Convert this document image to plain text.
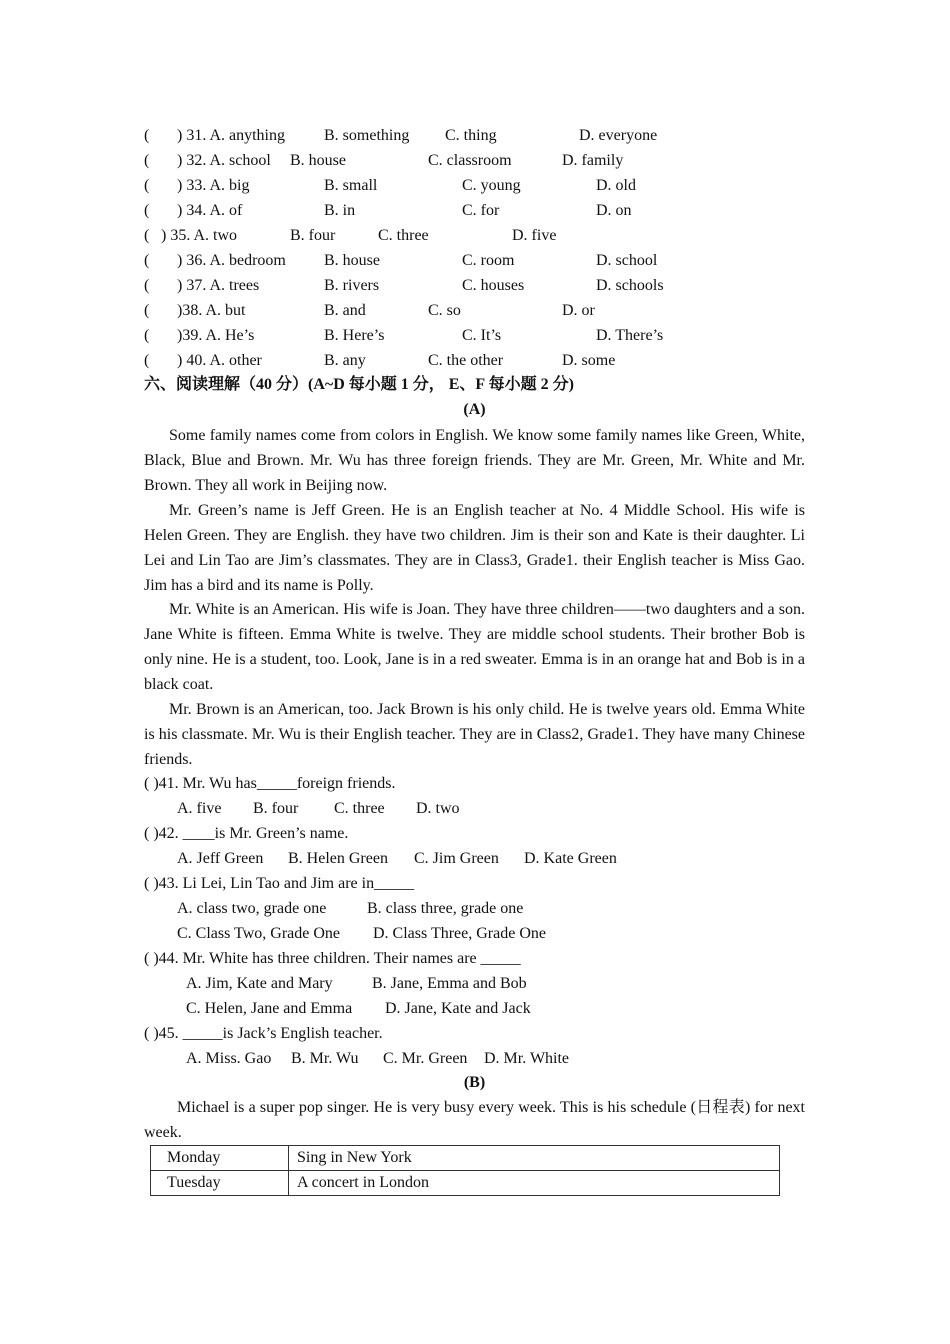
( ) 31. A. anything B. something C. thing	D. everyone
( ) 32. A. school B. house	C. classroom	D. family
( ) 33. A. big	B. small	C. young	D. old
( ) 34. A. of	B. in	C. for	D. on
( ) 35. A. two	B. four	C. three	D. five
( ) 36. A. bedroom B. house	C. room	D. school
( ) 37. A. trees	B. rivers	C. houses	D. schools
( )38. A. but	B. and	C. so	D. or
( )39. A. He’s	B. Here’s	C. It’s	D. There’s
( ) 40. A. other	B. any	C. the other	D. some
六、阅读理解（40 分）(A~D 每小题 1 分， E、F 每小题 2 分)
(A)
Some family names come from colors in English. We know some family names like Green, White, Black, Blue and Brown. Mr. Wu has three foreign friends. They are Mr. Green, Mr. White and Mr. Brown. They all work in Beijing now.
Mr. Green’s name is Jeff Green. He is an English teacher at No. 4 Middle School. His wife is Helen Green. They are English. they have two children. Jim is their son and Kate is their daughter. Li Lei and Lin Tao are Jim’s classmates. They are in Class3, Grade1. their English teacher is Miss Gao. Jim has a bird and its name is Polly.
Mr. White is an American. His wife is Joan. They have three children——two daughters and a son. Jane White is fifteen. Emma White is twelve. They are middle school students. Their brother Bob is only nine. He is a student, too. Look, Jane is in a red sweater. Emma is in an orange hat and Bob is in a black coat.
Mr. Brown is an American, too. Jack Brown is his only child. He is twelve years old. Emma White is his classmate. Mr. Wu is their English teacher. They are in Class2, Grade1. They have many Chinese friends.
( )41. Mr. Wu has_____foreign friends.
A. five B. four C. three D. two
( )42. ____is Mr. Green’s name.
A. Jeff Green B. Helen Green C. Jim Green D. Kate Green
( )43. Li Lei, Lin Tao and Jim are in_____
A. class two, grade one	B. class three, grade one
C. Class Two, Grade One D. Class Three, Grade One
( )44. Mr. White has three children. Their names are _____
A. Jim, Kate and Mary B. Jane, Emma and Bob
C. Helen, Jane and Emma D. Jane, Kate and Jack
( )45. _____is Jack’s English teacher.
A. Miss. Gao B. Mr. Wu C. Mr. Green D. Mr. White
(B)
Michael is a super pop singer. He is very busy every week. This is his schedule (日程表) for next week.
Monday	Sing in New York
Tuesday	A concert in London
